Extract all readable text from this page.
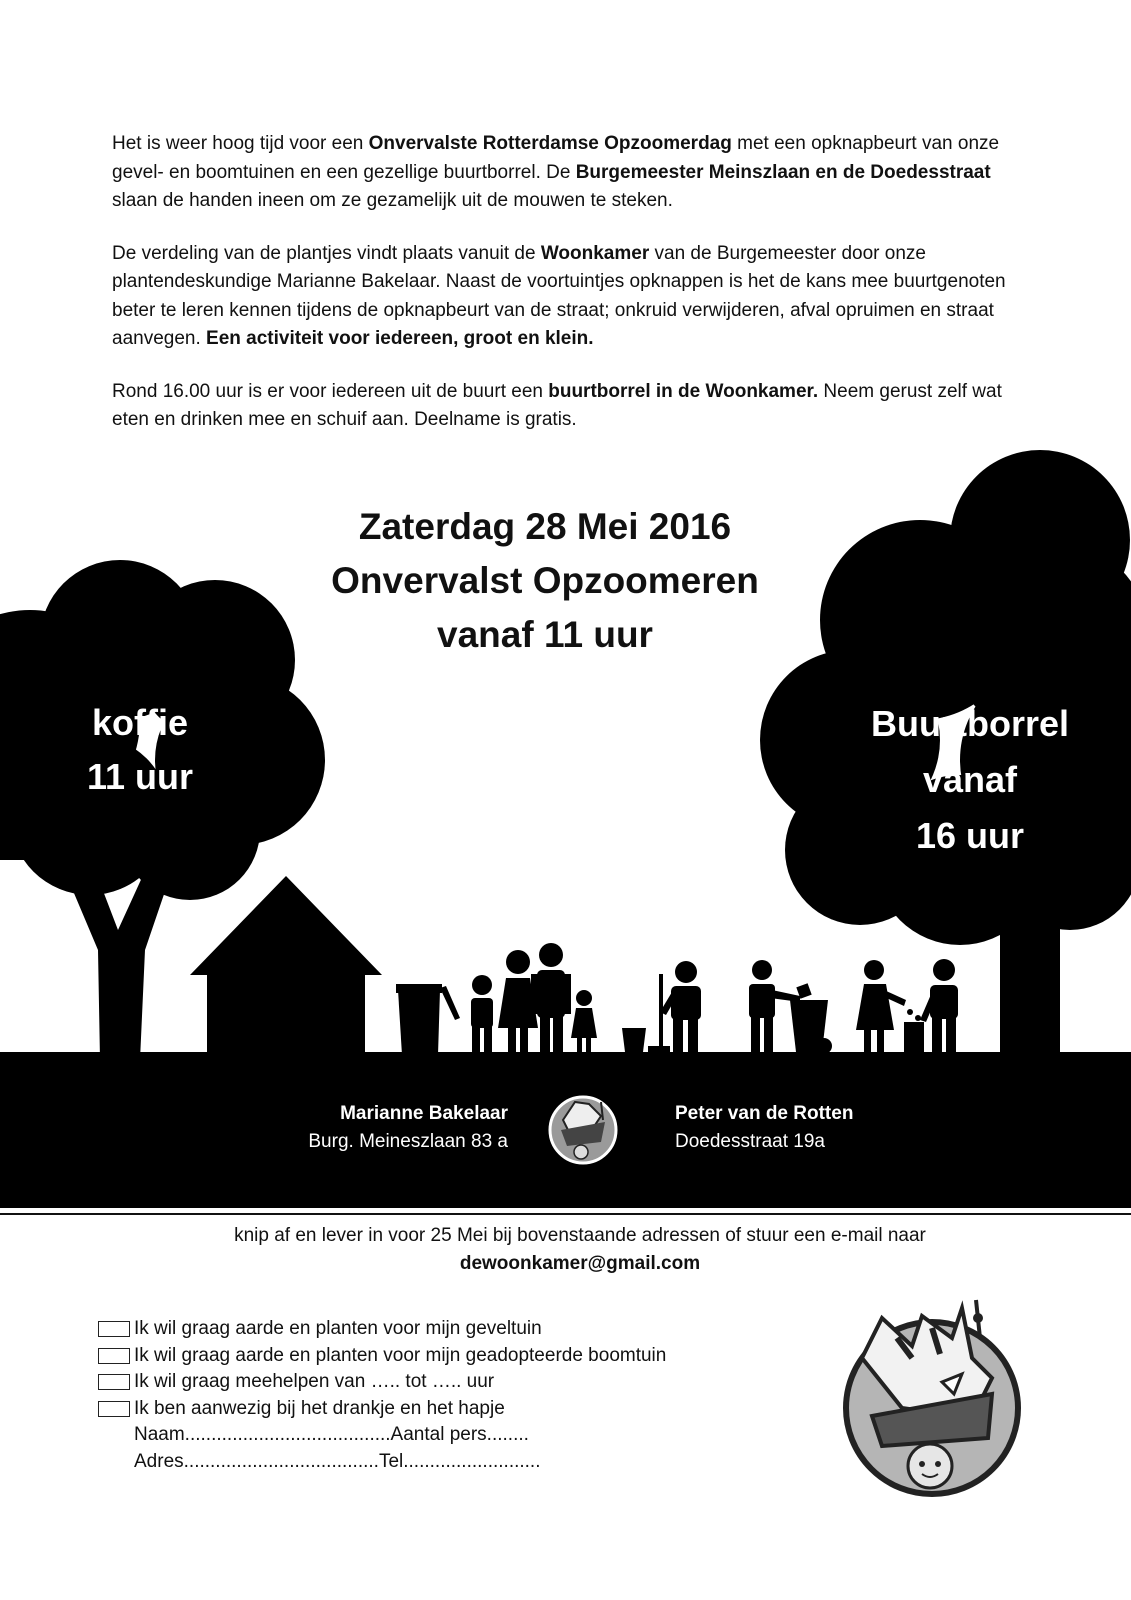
Het is weer hoog tijd voor een Onvervalste Rotterdamse Opzoomerdag met een opknapbeurt van onze gevel- en boomtuinen en een gezellige buurtborrel. De Burgemeester Meinszlaan en de Doedesstraat slaan de handen ineen om ze gezamelijk uit de mouwen te steken.

De verdeling van de plantjes vindt plaats vanuit de Woonkamer van de Burgemeester door onze plantendeskundige Marianne Bakelaar. Naast de voortuintjes opknappen is het de kans mee buurtgenoten beter te leren kennen tijdens de opknapbeurt van de straat; onkruid verwijderen, afval opruimen en straat aanvegen. Een activiteit voor iedereen, groot en klein.

Rond 16.00 uur is er voor iedereen uit de buurt een buurtborrel in de Woonkamer. Neem gerust zelf wat eten en drinken mee en schuif aan. Deelname is gratis.

Zaterdag 28 Mei 2016
Onvervalst Opzoomeren
vanaf 11 uur
koffie
11 uur
Buurtborrel
vanaf
16 uur
Marianne Bakelaar
Burg. Meineszlaan 83 a
Peter van de Rotten
Doedesstraat 19a
knip af en lever in voor 25 Mei bij bovenstaande adressen of stuur een e-mail naar
dewoonkamer@gmail.com
Ik wil graag aarde en planten voor mijn geveltuin
Ik wil graag aarde en planten voor mijn geadopteerde boomtuin
Ik wil graag meehelpen van ….. tot ….. uur
Ik ben aanwezig bij het drankje en het hapje
Naam.......................................Aantal pers........
Adres.....................................Tel..........................
